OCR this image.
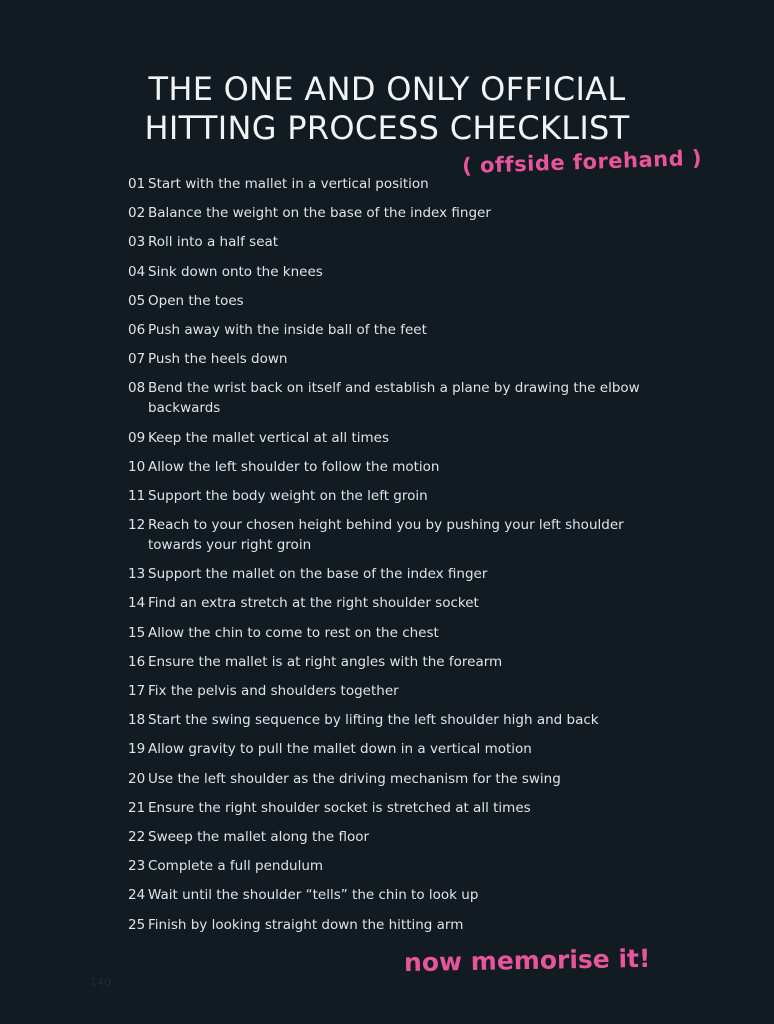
THE ONE AND ONLY OFFICIAL
HITTING PROCESS CHECKLIST
( offside forehand )
01 Start with the mallet in a vertical position
02 Balance the weight on the base of the index finger
03 Roll into a half seat
04 Sink down onto the knees
05 Open the toes
06 Push away with the inside ball of the feet
07 Push the heels down
08 Bend the wrist back on itself and establish a plane by drawing the elbow backwards
09 Keep the mallet vertical at all times
10 Allow the left shoulder to follow the motion
11 Support the body weight on the left groin
12 Reach to your chosen height behind you by pushing your left shoulder towards your right groin
13 Support the mallet on the base of the index finger
14 Find an extra stretch at the right shoulder socket
15 Allow the chin to come to rest on the chest
16 Ensure the mallet is at right angles with the forearm
17 Fix the pelvis and shoulders together
18 Start the swing sequence by lifting the left shoulder high and back
19 Allow gravity to pull the mallet down in a vertical motion
20 Use the left shoulder as the driving mechanism for the swing
21 Ensure the right shoulder socket is stretched at all times
22 Sweep the mallet along the floor
23 Complete a full pendulum
24 Wait until the shoulder “tells” the chin to look up
25 Finish by looking straight down the hitting arm
now memorise it!
140
